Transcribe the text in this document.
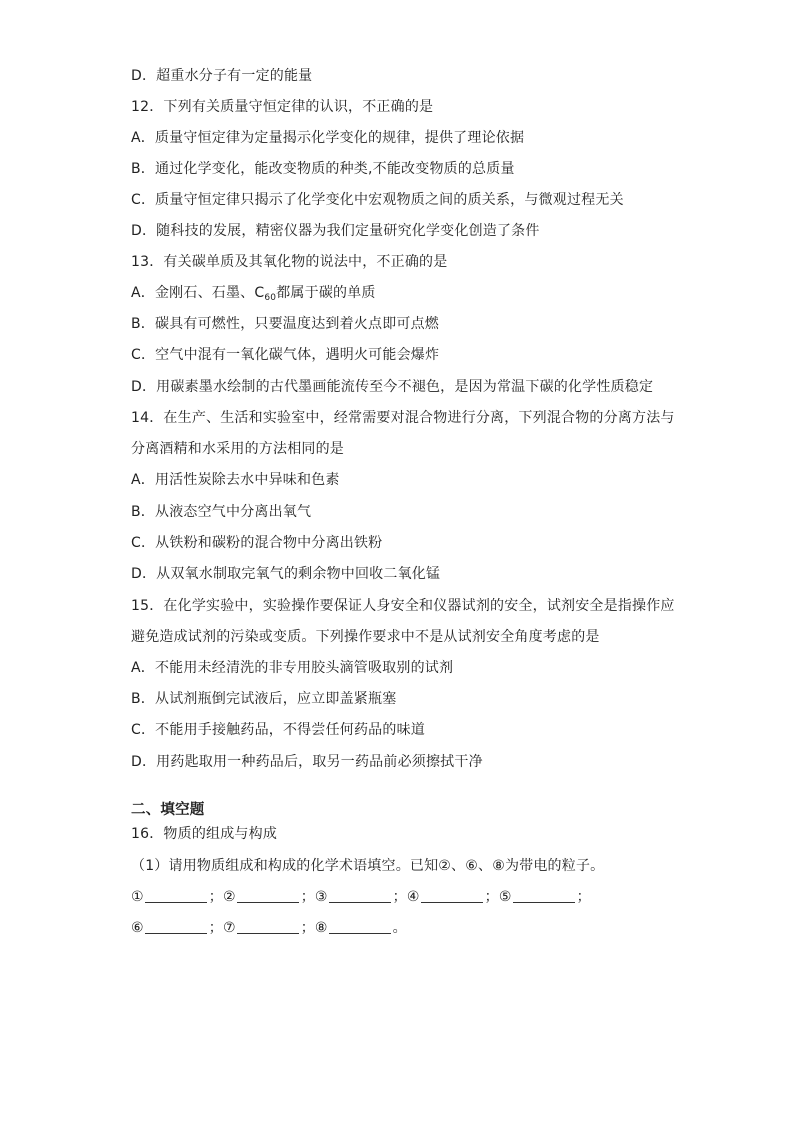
D．超重水分子有一定的能量
12．下列有关质量守恒定律的认识，不正确的是
A．质量守恒定律为定量揭示化学变化的规律，提供了理论依据
B．通过化学变化，能改变物质的种类,不能改变物质的总质量
C．质量守恒定律只揭示了化学变化中宏观物质之间的质关系，与微观过程无关
D．随科技的发展，精密仪器为我们定量研究化学变化创造了条件
13．有关碳单质及其氧化物的说法中，不正确的是
A．金刚石、石墨、$C_{60}$都属于碳的单质
B．碳具有可燃性，只要温度达到着火点即可点燃
C．空气中混有一氧化碳气体，遇明火可能会爆炸
D．用碳素墨水绘制的古代墨画能流传至今不褪色，是因为常温下碳的化学性质稳定
14．在生产、生活和实验室中，经常需要对混合物进行分离，下列混合物的分离方法与
分离酒精和水采用的方法相同的是
A．用活性炭除去水中异味和色素
B．从液态空气中分离出氧气
C．从铁粉和碳粉的混合物中分离出铁粉
D．从双氧水制取完氧气的剩余物中回收二氧化锰
15．在化学实验中，实验操作要保证人身安全和仪器试剂的安全，试剂安全是指操作应
避免造成试剂的污染或变质。下列操作要求中不是从试剂安全角度考虑的是
A．不能用未经清洗的非专用胶头滴管吸取别的试剂
B．从试剂瓶倒完试液后，应立即盖紧瓶塞
C．不能用手接触药品，不得尝任何药品的味道
D．用药匙取用一种药品后，取另一药品前必须擦拭干净
二、填空题
16．物质的组成与构成
（1）请用物质组成和构成的化学术语填空。已知②、⑥、⑧为带电的粒子。
①	；②	；③	；④	；⑤	；
⑥	；⑦	；⑧	。
